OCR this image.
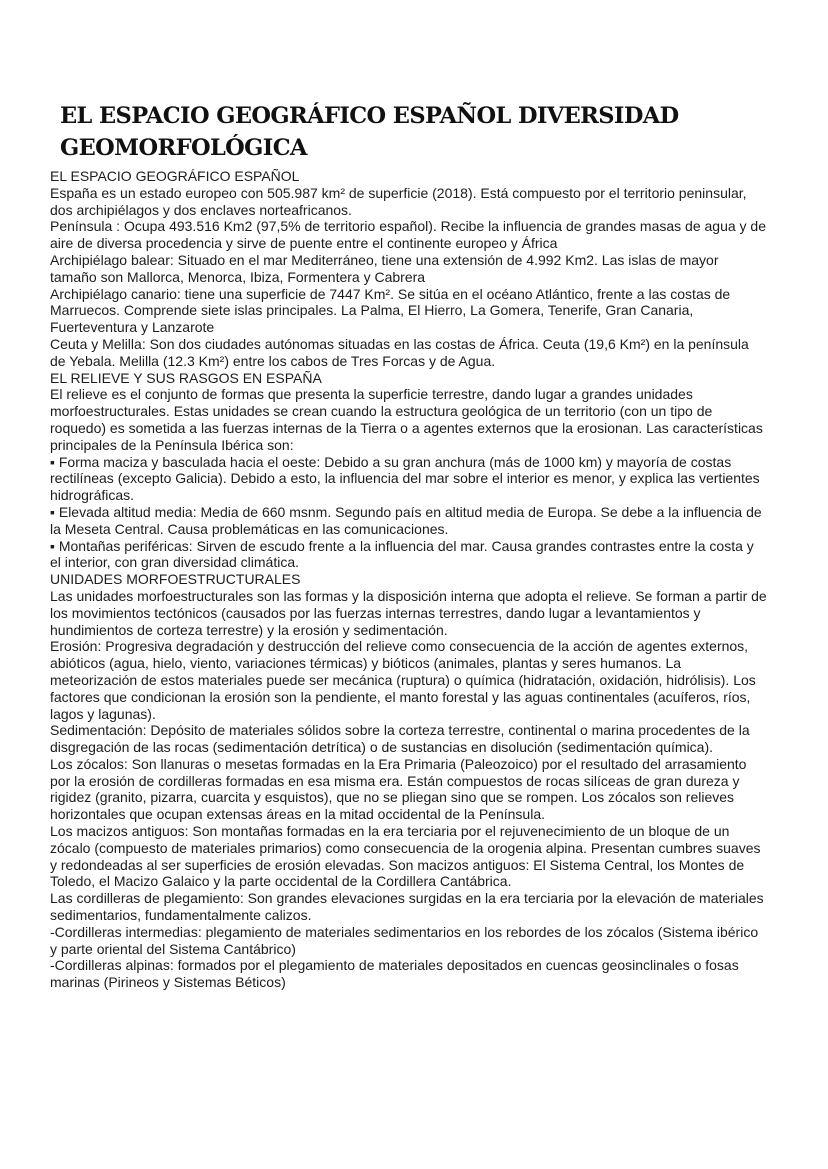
EL ESPACIO GEOGRÁFICO ESPAÑOL DIVERSIDAD GEOMORFOLÓGICA

EL ESPACIO GEOGRÁFICO ESPAÑOL

España es un estado europeo con 505.987 km² de superficie (2018). Está compuesto por el territorio peninsular, dos archipiélagos y dos enclaves norteafricanos.

Península : Ocupa 493.516 Km2 (97,5% de territorio español). Recibe la influencia de grandes masas de agua y de aire de diversa procedencia y sirve de puente entre el continente europeo y África

Archipiélago balear: Situado en el mar Mediterráneo, tiene una extensión de 4.992 Km2. Las islas de mayor tamaño son Mallorca, Menorca, Ibiza, Formentera y Cabrera

Archipiélago canario: tiene una superficie de 7447 Km². Se sitúa en el océano Atlántico, frente a las costas de Marruecos. Comprende siete islas principales. La Palma, El Hierro, La Gomera, Tenerife, Gran Canaria, Fuerteventura y Lanzarote

Ceuta y Melilla: Son dos ciudades autónomas situadas en las costas de África. Ceuta (19,6 Km²) en la península de Yebala. Melilla (12.3 Km²) entre los cabos de Tres Forcas y de Agua.

EL RELIEVE Y SUS RASGOS EN ESPAÑA

El relieve es el conjunto de formas que presenta la superficie terrestre, dando lugar a grandes unidades morfoestructurales. Estas unidades se crean cuando la estructura geológica de un territorio (con un tipo de roquedo) es sometida a las fuerzas internas de la Tierra o a agentes externos que la erosionan. Las características principales de la Península Ibérica son:

▪ Forma maciza y basculada hacia el oeste: Debido a su gran anchura (más de 1000 km) y mayoría de costas rectilíneas (excepto Galicia). Debido a esto, la influencia del mar sobre el interior es menor, y explica las vertientes hidrográficas.

▪ Elevada altitud media: Media de 660 msnm. Segundo país en altitud media de Europa. Se debe a la influencia de la Meseta Central. Causa problemáticas en las comunicaciones.

▪ Montañas periféricas: Sirven de escudo frente a la influencia del mar. Causa grandes contrastes entre la costa y el interior, con gran diversidad climática.

UNIDADES MORFOESTRUCTURALES

Las unidades morfoestructurales son las formas y la disposición interna que adopta el relieve. Se forman a partir de los movimientos tectónicos (causados por las fuerzas internas terrestres, dando lugar a levantamientos y hundimientos de corteza terrestre) y la erosión y sedimentación.

Erosión: Progresiva degradación y destrucción del relieve como consecuencia de la acción de agentes externos, abióticos (agua, hielo, viento, variaciones térmicas) y bióticos (animales, plantas y seres humanos. La meteorización de estos materiales puede ser mecánica (ruptura) o química (hidratación, oxidación, hidrólisis). Los factores que condicionan la erosión son la pendiente, el manto forestal y las aguas continentales (acuíferos, ríos, lagos y lagunas).

Sedimentación: Depósito de materiales sólidos sobre la corteza terrestre, continental o marina procedentes de la disgregación de las rocas (sedimentación detrítica) o de sustancias en disolución (sedimentación química).

Los zócalos: Son llanuras o mesetas formadas en la Era Primaria (Paleozoico) por el resultado del arrasamiento por la erosión de cordilleras formadas en esa misma era. Están compuestos de rocas silíceas de gran dureza y rigidez (granito, pizarra, cuarcita y esquistos), que no se pliegan sino que se rompen. Los zócalos son relieves horizontales que ocupan extensas áreas en la mitad occidental de la Península.

Los macizos antiguos: Son montañas formadas en la era terciaria por el rejuvenecimiento de un bloque de un zócalo (compuesto de materiales primarios) como consecuencia de la orogenia alpina. Presentan cumbres suaves y redondeadas al ser superficies de erosión elevadas. Son macizos antiguos: El Sistema Central, los Montes de Toledo, el Macizo Galaico y la parte occidental de la Cordillera Cantábrica.

Las cordilleras de plegamiento: Son grandes elevaciones surgidas en la era terciaria por la elevación de materiales sedimentarios, fundamentalmente calizos.

-Cordilleras intermedias: plegamiento de materiales sedimentarios en los rebordes de los zócalos (Sistema ibérico y parte oriental del Sistema Cantábrico)

-Cordilleras alpinas: formados por el plegamiento de materiales depositados en cuencas geosinclinales o fosas marinas (Pirineos y Sistemas Béticos)
